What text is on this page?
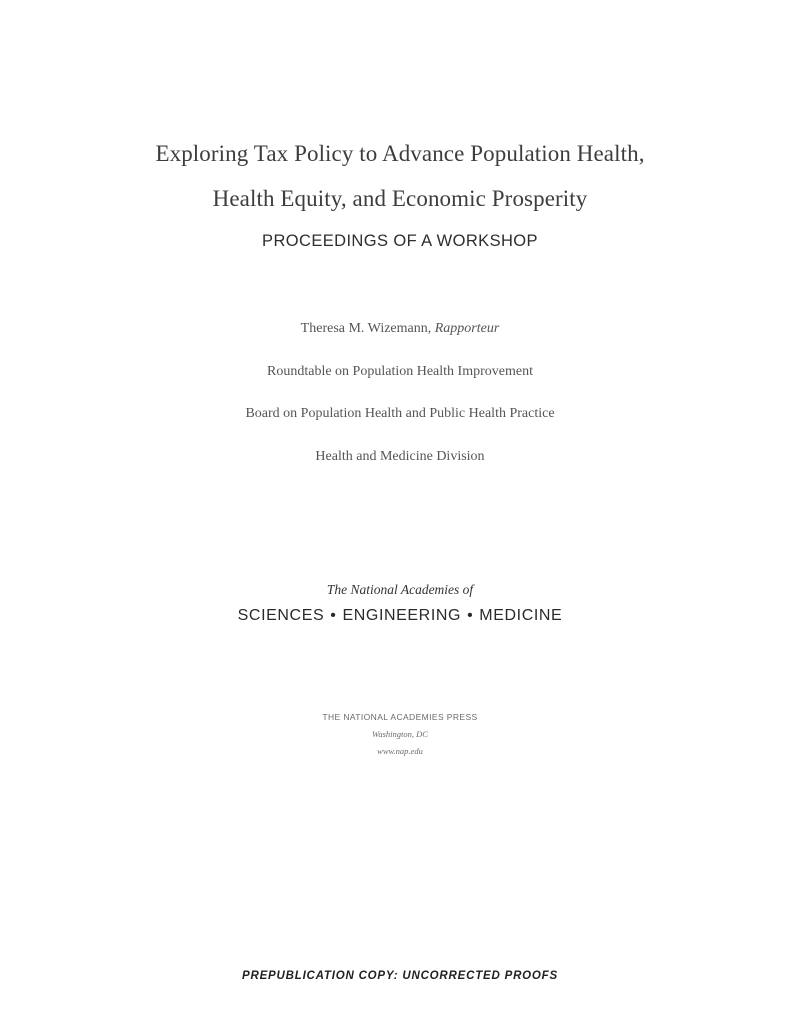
Exploring Tax Policy to Advance Population Health,
Health Equity, and Economic Prosperity
PROCEEDINGS OF A WORKSHOP
Theresa M. Wizemann, Rapporteur
Roundtable on Population Health Improvement
Board on Population Health and Public Health Practice
Health and Medicine Division
The National Academies of
SCIENCES • ENGINEERING • MEDICINE
THE NATIONAL ACADEMIES PRESS
Washington, DC
www.nap.edu
PREPUBLICATION COPY: UNCORRECTED PROOFS
